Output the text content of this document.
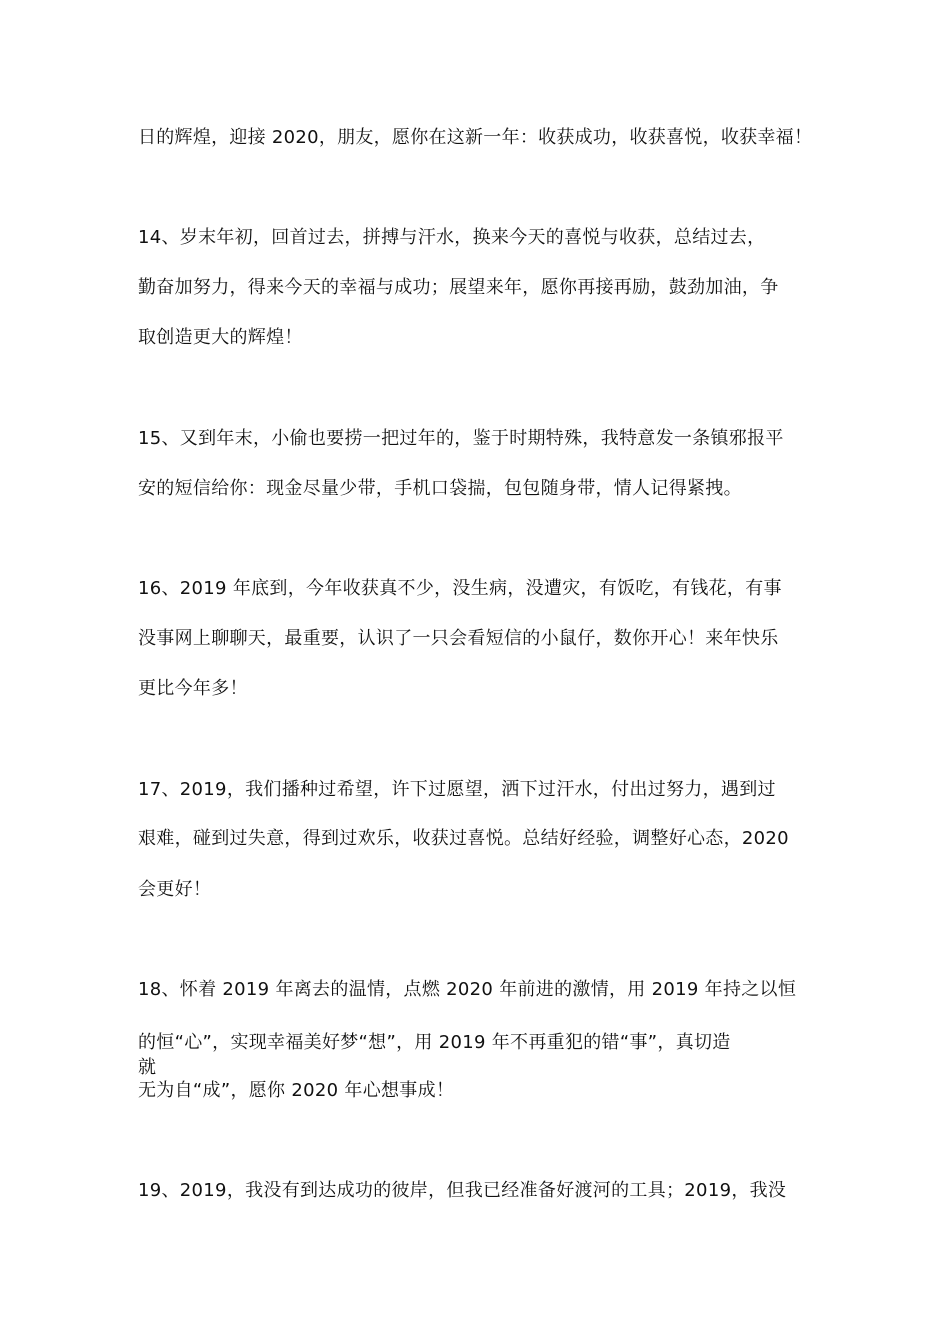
日的辉煌，迎接 2020，朋友，愿你在这新一年：收获成功，收获喜悦，收获幸福！
14、岁末年初，回首过去，拼搏与汗水，换来今天的喜悦与收获，总结过去，
勤奋加努力，得来今天的幸福与成功；展望来年，愿你再接再励，鼓劲加油，争
取创造更大的辉煌！
15、又到年末，小偷也要捞一把过年的，鉴于时期特殊，我特意发一条镇邪报平
安的短信给你：现金尽量少带，手机口袋揣，包包随身带，情人记得紧拽。
16、2019 年底到，今年收获真不少，没生病，没遭灾，有饭吃，有钱花，有事
没事网上聊聊天，最重要，认识了一只会看短信的小鼠仔，数你开心！来年快乐
更比今年多！
17、2019，我们播种过希望，许下过愿望，洒下过汗水，付出过努力，遇到过
艰难，碰到过失意，得到过欢乐，收获过喜悦。总结好经验，调整好心态，2020
会更好！
18、怀着 2019 年离去的温情，点燃 2020 年前进的激情，用 2019 年持之以恒
的恒“心”，实现幸福美好梦“想”，用 2019 年不再重犯的错“事”，真切造
就
无为自“成”，愿你 2020 年心想事成！
19、2019，我没有到达成功的彼岸，但我已经准备好渡河的工具；2019，我没
